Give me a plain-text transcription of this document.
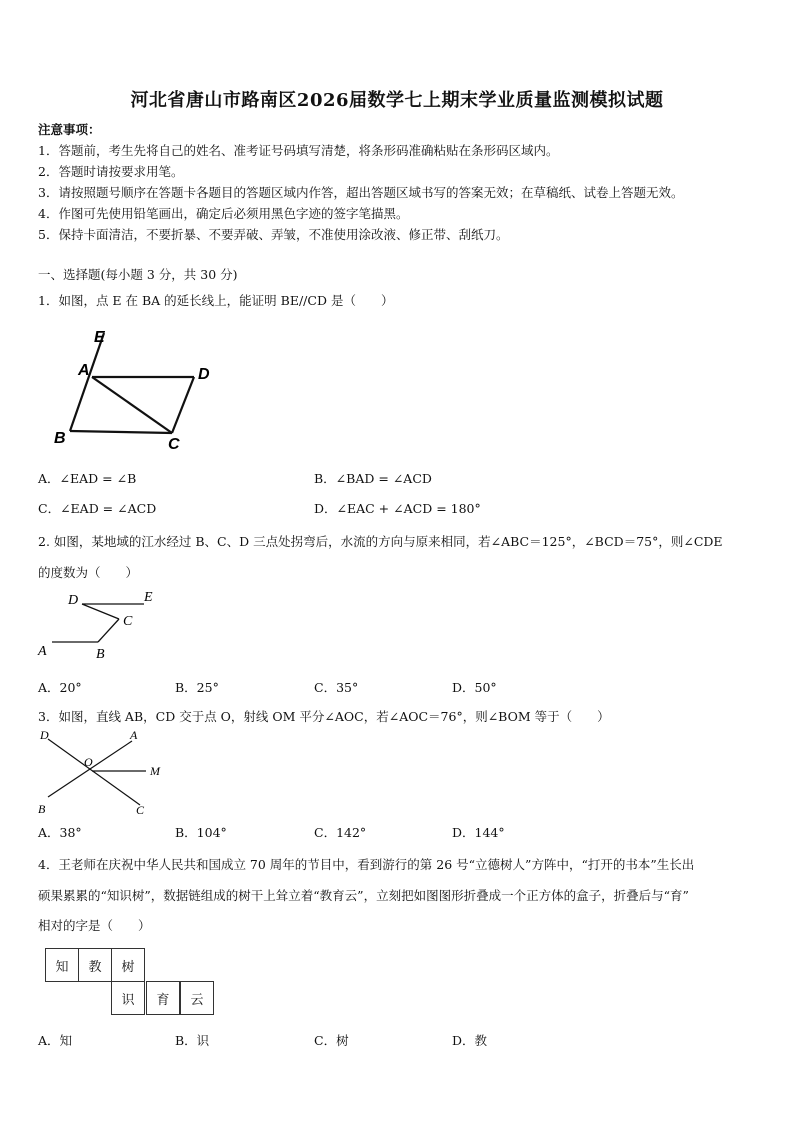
河北省唐山市路南区2026届数学七上期末学业质量监测模拟试题
注意事项：
1．答题前，考生先将自己的姓名、准考证号码填写清楚，将条形码准确粘贴在条形码区域内。
2．答题时请按要求用笔。
3．请按照题号顺序在答题卡各题目的答题区域内作答，超出答题区域书写的答案无效；在草稿纸、试卷上答题无效。
4．作图可先使用铅笔画出，确定后必须用黑色字迹的签字笔描黑。
5．保持卡面清洁，不要折暴、不要弄破、弄皱，不准使用涂改液、修正带、刮纸刀。
一、选择题(每小题 3 分，共 30 分)
1．如图，点 E 在 BA 的延长线上，能证明 BE//CD 是（　　）
E
A	D
B	C
A．∠EAD = ∠B	B．∠BAD = ∠ACD
C．∠EAD = ∠ACD	D．∠EAC + ∠ACD = 180°
2. 如图，某地域的江水经过 B、C、D 三点处拐弯后，水流的方向与原来相同，若∠ABC＝125°，∠BCD＝75°，则∠CDE
的度数为（　　）
D	E
C
A	B
A．20°	B．25°	C．35°	D．50°
3．如图，直线 AB，CD 交于点 O，射线 OM 平分∠AOC，若∠AOC＝76°，则∠BOM 等于（　　）
D	A
O
M
B	C
A．38°	B．104°	C．142°	D．144°
4．王老师在庆祝中华人民共和国成立 70 周年的节目中，看到游行的第 26 号“立德树人”方阵中，“打开的书本”生长出
硕果累累的“知识树”，数据链组成的树干上耸立着“教育云”，立刻把如图图形折叠成一个正方体的盒子，折叠后与“育”
相对的字是（　　）
知	教	树
识	育	云
A．知	B．识	C．树	D．教
